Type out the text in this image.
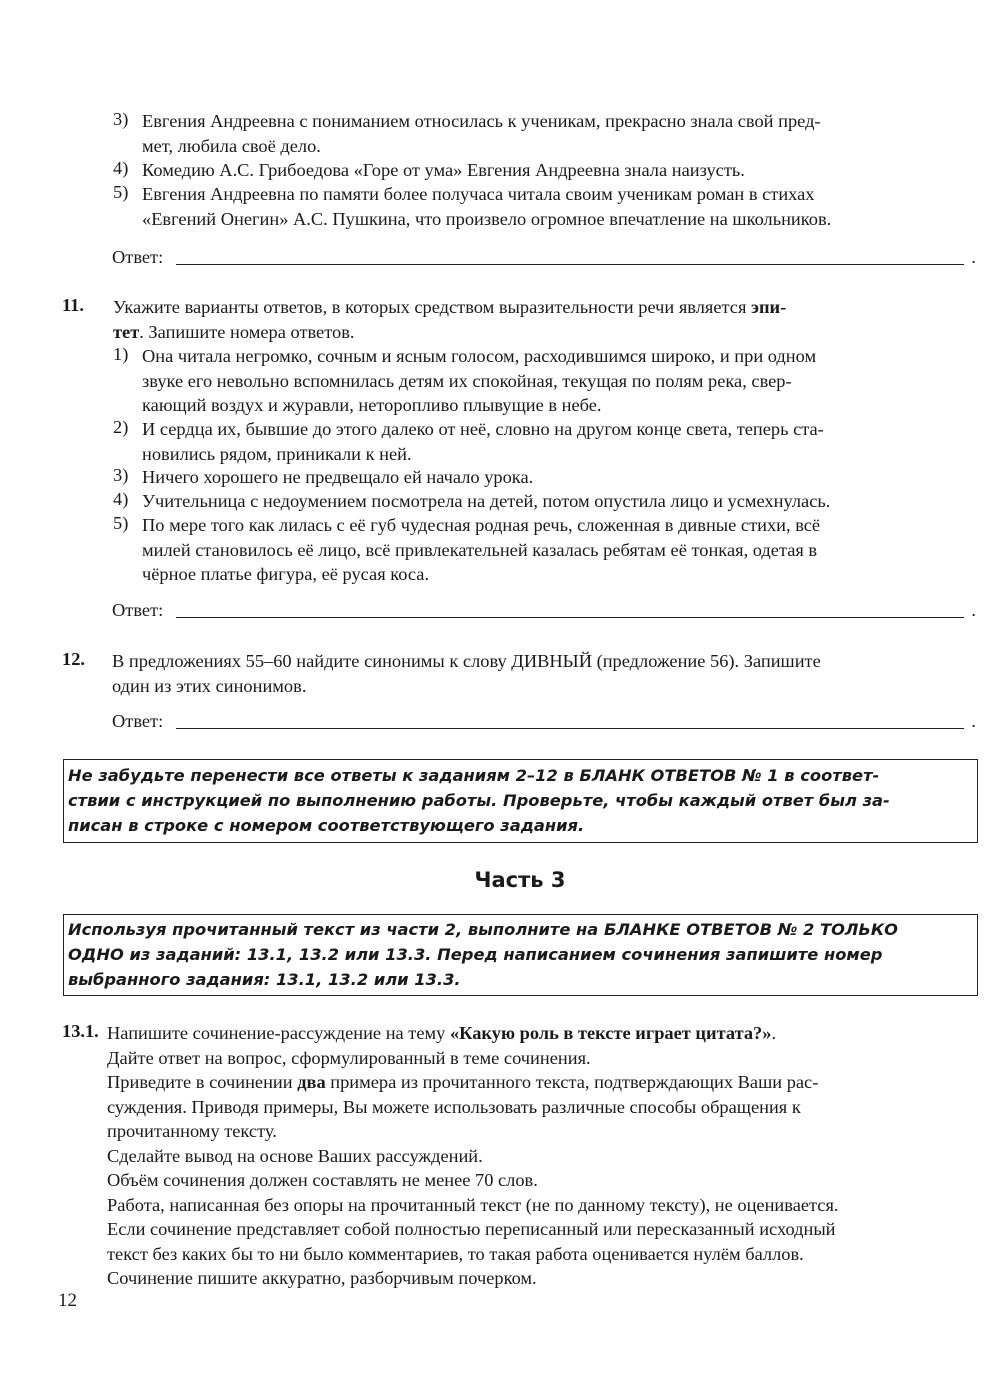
3) Евгения Андреевна с пониманием относилась к ученикам, прекрасно знала свой пред-
мет, любила своё дело.
4) Комедию А.С. Грибоедова «Горе от ума» Евгения Андреевна знала наизусть.
5) Евгения Андреевна по памяти более получаса читала своим ученикам роман в стихах
«Евгений Онегин» А.С. Пушкина, что произвело огромное впечатление на школьников.
Ответ:	.
11. Укажите варианты ответов, в которых средством выразительности речи является эпи-
тет. Запишите номера ответов.
1) Она читала негромко, сочным и ясным голосом, расходившимся широко, и при одном
звуке его невольно вспомнилась детям их спокойная, текущая по полям река, свер-
кающий воздух и журавли, неторопливо плывущие в небе.
2) И сердца их, бывшие до этого далеко от неё, словно на другом конце света, теперь ста-
новились рядом, приникали к ней.
3) Ничего хорошего не предвещало ей начало урока.
4) Учительница с недоумением посмотрела на детей, потом опустила лицо и усмехнулась.
5) По мере того как лилась с её губ чудесная родная речь, сложенная в дивные стихи, всё
милей становилось её лицо, всё привлекательней казалась ребятам её тонкая, одетая в
чёрное платье фигура, её русая коса.
Ответ:	.
12. В предложениях 55–60 найдите синонимы к слову ДИВНЫЙ (предложение 56). Запишите
один из этих синонимов.
Ответ:	.
Не забудьте перенести все ответы к заданиям 2–12 в БЛАНК ОТВЕТОВ № 1 в соответ-
ствии с инструкцией по выполнению работы. Проверьте, чтобы каждый ответ был за-
писан в строке с номером соответствующего задания.
Часть 3
Используя прочитанный текст из части 2, выполните на БЛАНКЕ ОТВЕТОВ № 2 ТОЛЬКО
ОДНО из заданий: 13.1, 13.2 или 13.3. Перед написанием сочинения запишите номер
выбранного задания: 13.1, 13.2 или 13.3.
13.1. Напишите сочинение-рассуждение на тему «Какую роль в тексте играет цитата?».
Дайте ответ на вопрос, сформулированный в теме сочинения.
Приведите в сочинении два примера из прочитанного текста, подтверждающих Ваши рас-
суждения. Приводя примеры, Вы можете использовать различные способы обращения к
прочитанному тексту.
Сделайте вывод на основе Ваших рассуждений.
Объём сочинения должен составлять не менее 70 слов.
Работа, написанная без опоры на прочитанный текст (не по данному тексту), не оценивается.
Если сочинение представляет собой полностью переписанный или пересказанный исходный
текст без каких бы то ни было комментариев, то такая работа оценивается нулём баллов.
Сочинение пишите аккуратно, разборчивым почерком.
12
